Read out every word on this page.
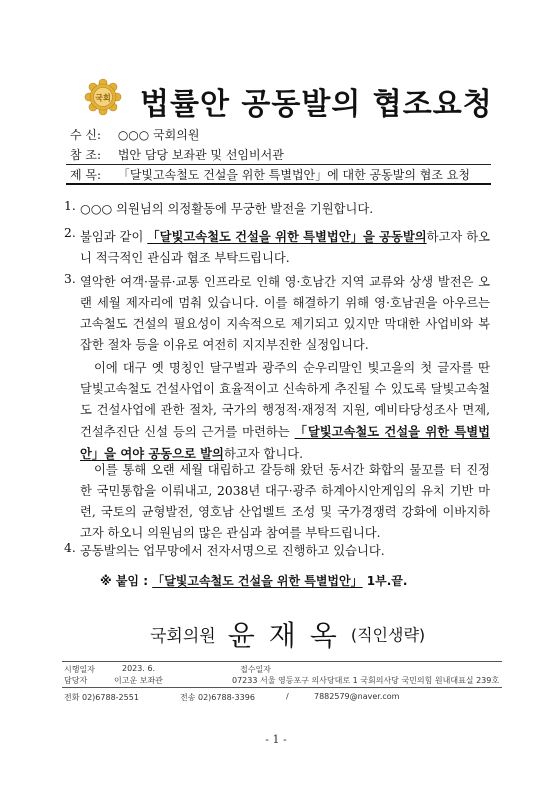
국회 법률안 공동발의 협조요청
수 신: ○○○ 국회의원
참 조: 법안 담당 보좌관 및 선임비서관
제 목: 「달빛고속철도 건설을 위한 특별법안」에 대한 공동발의 협조 요청
1. ○○○ 의원님의 의정활동에 무궁한 발전을 기원합니다.
2. 불임과 같이 「달빛고속철도 건설을 위한 특별법안」을 공동발의하고자 하오니 적극적인 관심과 협조 부탁드립니다.
3. 열악한 여객·물류·교통 인프라로 인해 영·호남간 지역 교류와 상생 발전은 오랜 세월 제자리에 멈춰 있습니다. 이를 해결하기 위해 영·호남권을 아우르는 고속철도 건설의 필요성이 지속적으로 제기되고 있지만 막대한 사업비와 복잡한 절차 등을 이유로 여전히 지지부진한 실정입니다.
이에 대구 옛 명칭인 달구벌과 광주의 순우리말인 빛고을의 첫 글자를 딴 달빛고속철도 건설사업이 효율적이고 신속하게 추진될 수 있도록 달빛고속철도 건설사업에 관한 절차, 국가의 행정적·재정적 지원, 예비타당성조사 면제, 건설추진단 신설 등의 근거를 마련하는 「달빛고속철도 건설을 위한 특별법안」을 여야 공동으로 발의하고자 합니다.
이를 통해 오랜 세월 대립하고 갈등해 왔던 동서간 화합의 물꼬를 터 진정한 국민통합을 이뤄내고, 2038년 대구·광주 하계아시안게임의 유치 기반 마련, 국토의 균형발전, 영호남 산업벨트 조성 및 국가경쟁력 강화에 이바지하고자 하오니 의원님의 많은 관심과 참여를 부탁드립니다.
4. 공동발의는 업무망에서 전자서명으로 진행하고 있습니다.
※ 붙임 : 「달빛고속철도 건설을 위한 특별법안」 1부.끝.
국회의원 윤재옥(직인생략)
시행일자	2023. 6.	접수일자
담당자	이고운 보좌관	07233 서울 영등포구 의사당대로 1 국회의사당 국민의힘 원내대표실 239호
전화 02)6788-2551	전송 02)6788-3396	/	7882579@naver.com
- 1 -
